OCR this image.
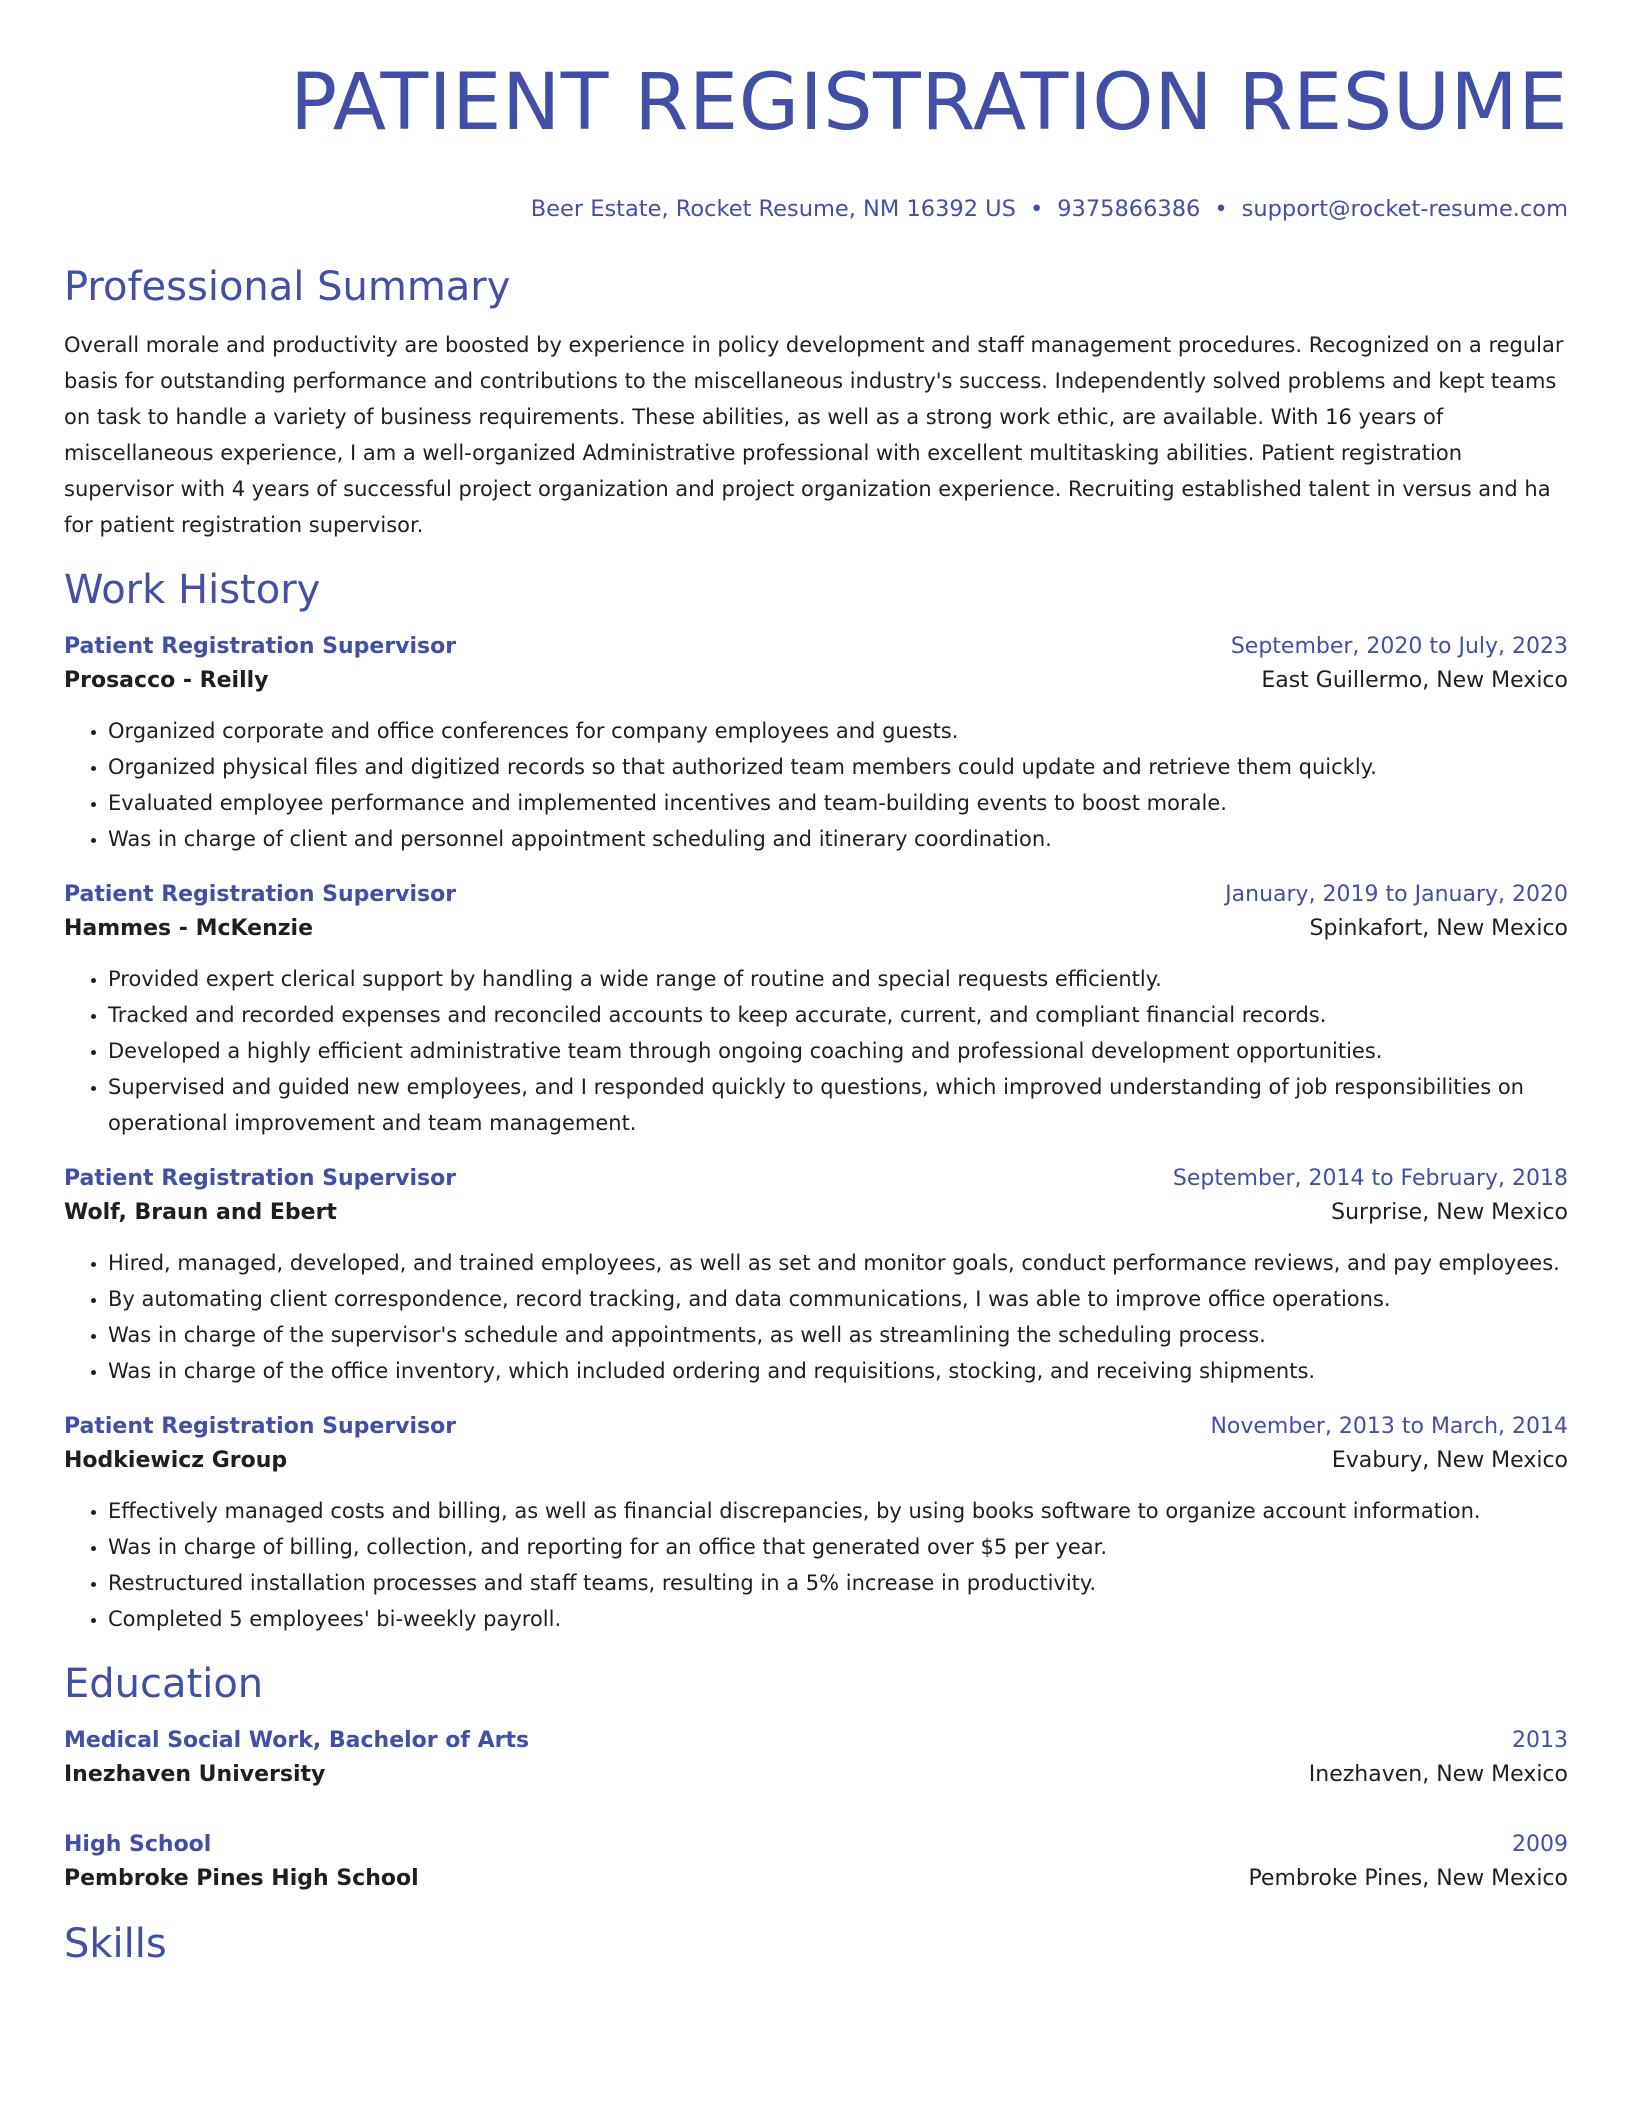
PATIENT REGISTRATION RESUME
Beer Estate, Rocket Resume, NM 16392 US • 9375866386 • support@rocket-resume.com
Professional Summary
Overall morale and productivity are boosted by experience in policy development and staff management procedures. Recognized on a regular basis for outstanding performance and contributions to the miscellaneous industry's success. Independently solved problems and kept teams on task to handle a variety of business requirements. These abilities, as well as a strong work ethic, are available. With 16 years of miscellaneous experience, I am a well-organized Administrative professional with excellent multitasking abilities. Patient registration supervisor with 4 years of successful project organization and project organization experience. Recruiting established talent in versus and ha for patient registration supervisor.
Work History
Patient Registration Supervisor	September, 2020 to July, 2023
Prosacco - Reilly	East Guillermo, New Mexico
• Organized corporate and office conferences for company employees and guests.
• Organized physical files and digitized records so that authorized team members could update and retrieve them quickly.
• Evaluated employee performance and implemented incentives and team-building events to boost morale.
• Was in charge of client and personnel appointment scheduling and itinerary coordination.
Patient Registration Supervisor	January, 2019 to January, 2020
Hammes - McKenzie	Spinkafort, New Mexico
• Provided expert clerical support by handling a wide range of routine and special requests efficiently.
• Tracked and recorded expenses and reconciled accounts to keep accurate, current, and compliant financial records.
• Developed a highly efficient administrative team through ongoing coaching and professional development opportunities.
• Supervised and guided new employees, and I responded quickly to questions, which improved understanding of job responsibilities on operational improvement and team management.
Patient Registration Supervisor	September, 2014 to February, 2018
Wolf, Braun and Ebert	Surprise, New Mexico
• Hired, managed, developed, and trained employees, as well as set and monitor goals, conduct performance reviews, and pay employees.
• By automating client correspondence, record tracking, and data communications, I was able to improve office operations.
• Was in charge of the supervisor's schedule and appointments, as well as streamlining the scheduling process.
• Was in charge of the office inventory, which included ordering and requisitions, stocking, and receiving shipments.
Patient Registration Supervisor	November, 2013 to March, 2014
Hodkiewicz Group	Evabury, New Mexico
• Effectively managed costs and billing, as well as financial discrepancies, by using books software to organize account information.
• Was in charge of billing, collection, and reporting for an office that generated over $5 per year.
• Restructured installation processes and staff teams, resulting in a 5% increase in productivity.
• Completed 5 employees' bi-weekly payroll.
Education
Medical Social Work, Bachelor of Arts	2013
Inezhaven University	Inezhaven, New Mexico
High School	2009
Pembroke Pines High School	Pembroke Pines, New Mexico
Skills
